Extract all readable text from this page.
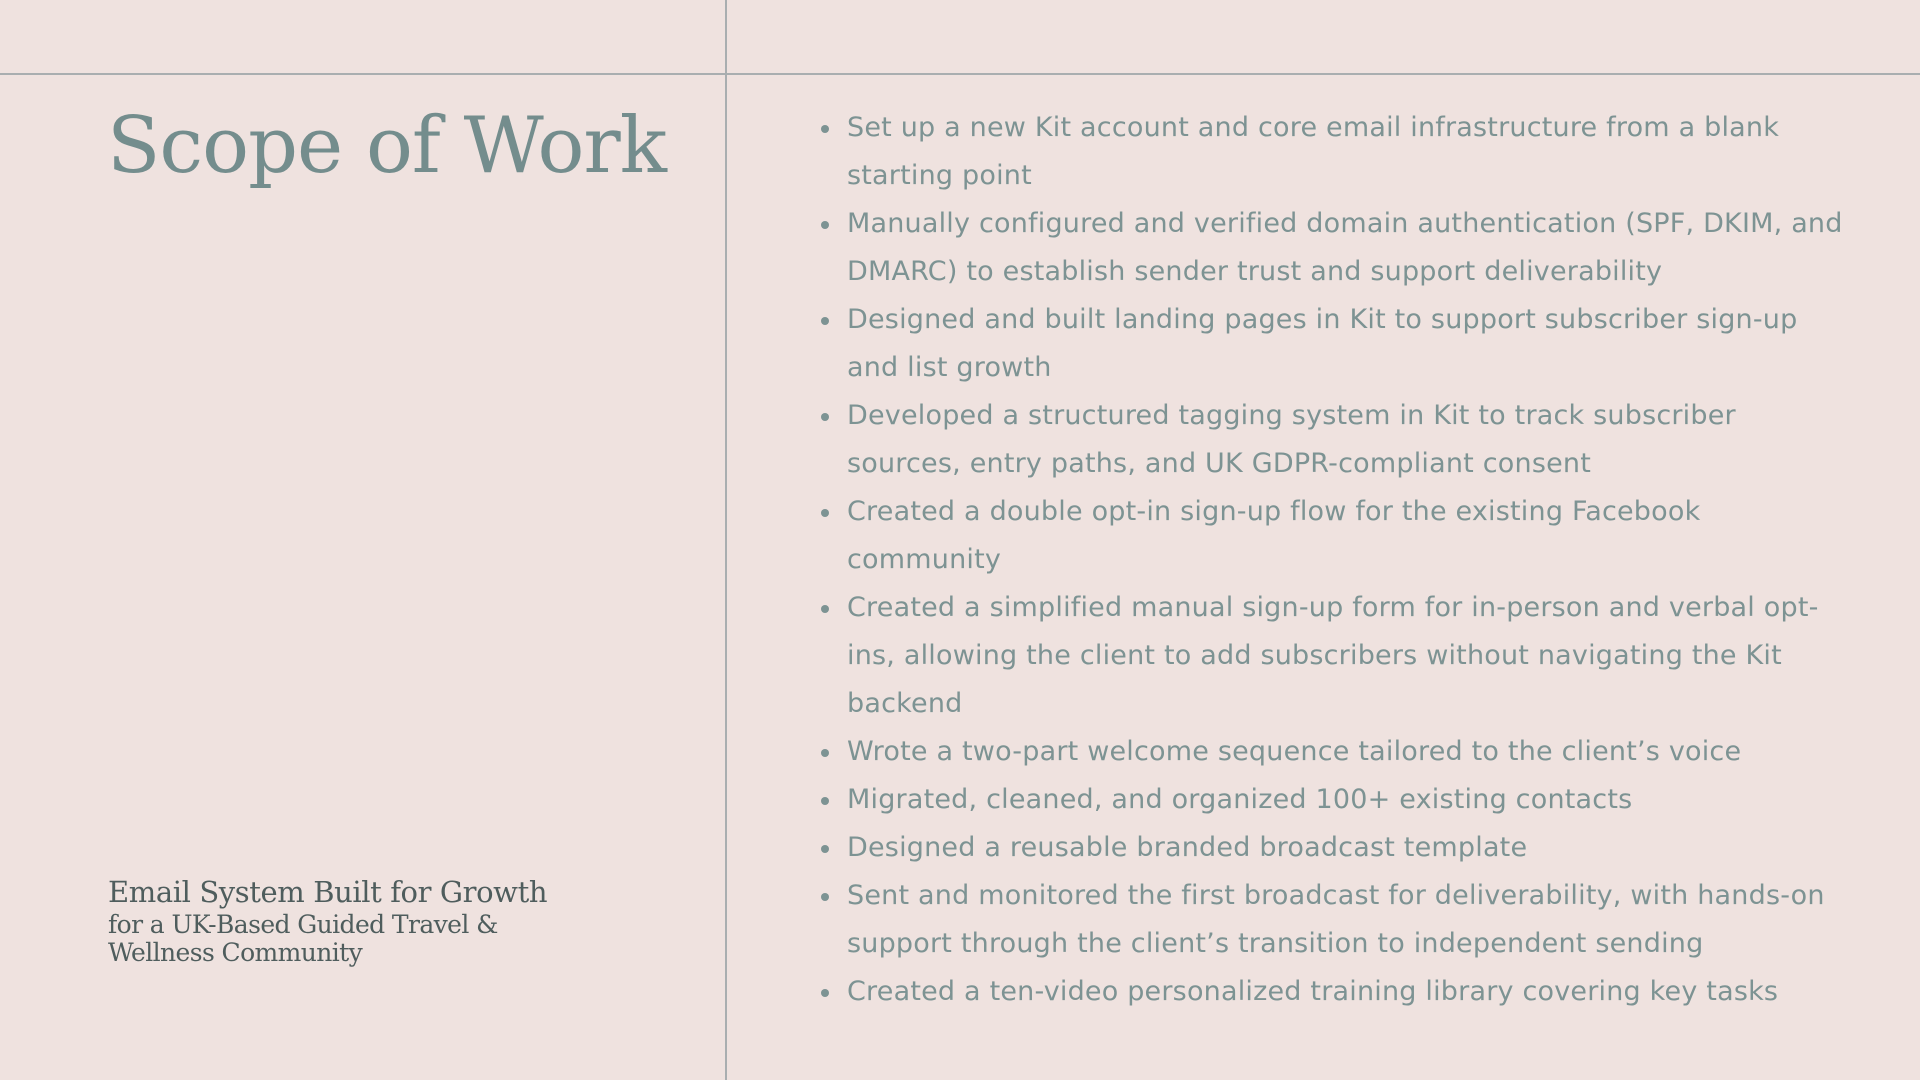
Scope of Work
Email System Built for Growth
for a UK-Based Guided Travel & Wellness Community
Set up a new Kit account and core email infrastructure from a blank starting point
Manually configured and verified domain authentication (SPF, DKIM, and DMARC) to establish sender trust and support deliverability
Designed and built landing pages in Kit to support subscriber sign-up and list growth
Developed a structured tagging system in Kit to track subscriber sources, entry paths, and UK GDPR-compliant consent
Created a double opt-in sign-up flow for the existing Facebook community
Created a simplified manual sign-up form for in-person and verbal opt-ins, allowing the client to add subscribers without navigating the Kit backend
Wrote a two-part welcome sequence tailored to the client’s voice
Migrated, cleaned, and organized 100+ existing contacts
Designed a reusable branded broadcast template
Sent and monitored the first broadcast for deliverability, with hands-on support through the client’s transition to independent sending
Created a ten-video personalized training library covering key tasks
